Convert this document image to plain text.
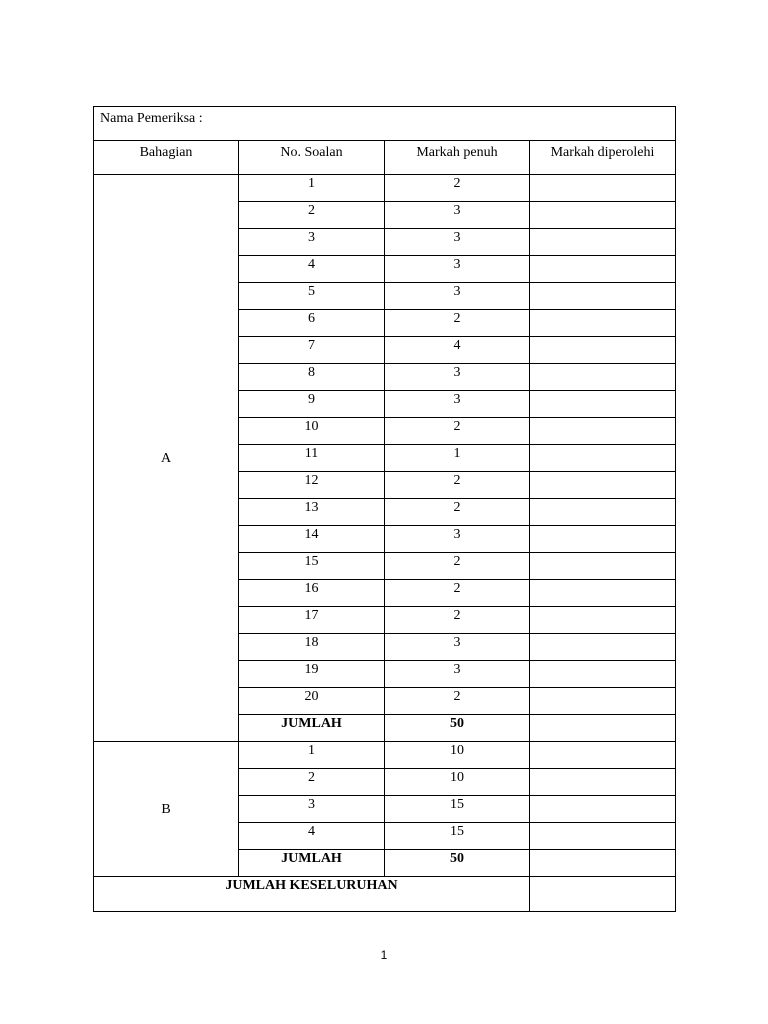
Nama Pemeriksa :			
Bahagian	No. Soalan	Markah penuh	Markah diperolehi
A	1	2	
	2	3	
	3	3	
	4	3	
	5	3	
	6	2	
	7	4	
	8	3	
	9	3	
	10	2	
	11	1	
	12	2	
	13	2	
	14	3	
	15	2	
	16	2	
	17	2	
	18	3	
	19	3	
	20	2	
	JUMLAH	50	
B	1	10	
	2	10	
	3	15	
	4	15	
	JUMLAH	50	
JUMLAH KESELURUHAN			
1
